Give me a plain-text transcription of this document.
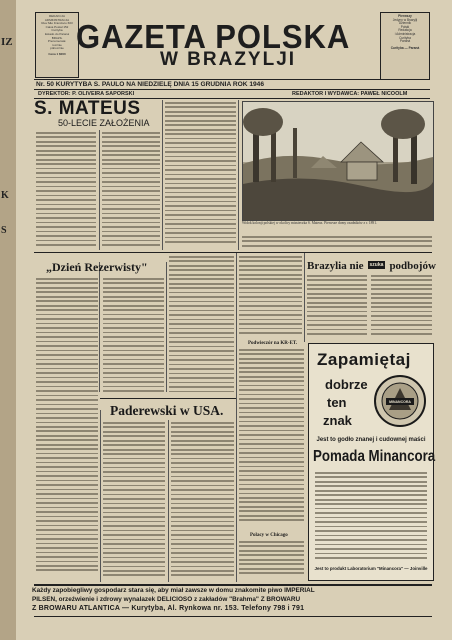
IZ
K
S
REDAKCJA
ADMINISTRACJA
Rua São Francisco 603
Caixa Postal 152
Curityba
Estado do Paraná
BRAZIL
Prenumerata:
rocznie
półrocznie
Cena 1 $000 GAZETA POLSKA
W BRAZYLJI
Pierwszy
Jedyny w Brazylji
Dziennik
Polski
Redakcja
i Administracja
Curityba
Paraná
Curityba — Paraná
Nr. 50 KURYTYBA S. PAULO NA NIEDZIELĘ DNIA 15 GRUDNIA ROK 1946
DYREKTOR: P. OLIVEIRA SAPORSKI	REDAKTOR I WYDAWCA: PAWEŁ NICOOLM
S. MATEUS
50-LECIE ZAŁOŻENIA
Widok kolonji polskiej w okolicy miasteczka S. Mateus. Pierwsze domy osadników z r. 1891.
„Dzień Rezerwisty"
Paderewski w USA.
Podwieczór na KR-ET.
Polacy w Chicago
Brazylia nie szuka podbojów
Zapamiętaj
dobrze
ten
znak
MINANCORA
Jest to godło znanej i cudownej maści
Pomada Minancora
Jest to produkt Laboratorium "Minancora" — Joinville
Każdy zapobiegliwy gospodarz stara się, aby miał zawsze w domu znakomite piwo IMPERIAL
PILSEN, orzeźwienie i zdrowy wynalazek DELICIOSO z zakładów "Brahma" Z BROWARU
Z BROWARU ATLANTICA — Kurytyba, Al. Rynkowa nr. 153. Telefony 798 i 791
